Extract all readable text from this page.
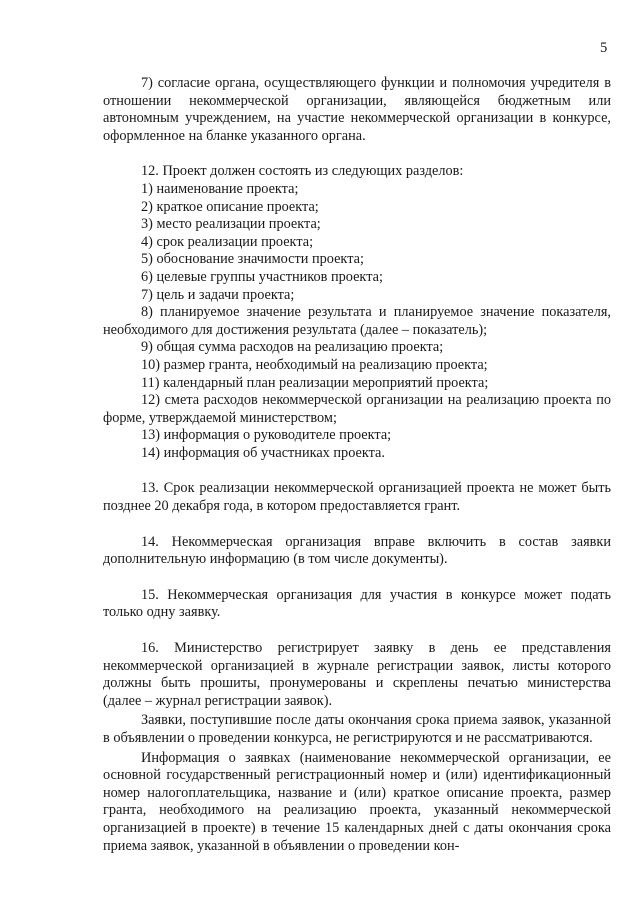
5

7) согласие органа, осуществляющего функции и полномочия учредителя в отношении некоммерческой организации, являющейся бюджетным или автономным учреждением, на участие некоммерческой организации в конкурсе, оформленное на бланке указанного органа.

12. Проект должен состоять из следующих разделов:

1) наименование проекта;

2) краткое описание проекта;

3) место реализации проекта;

4) срок реализации проекта;

5) обоснование значимости проекта;

6) целевые группы участников проекта;

7) цель и задачи проекта;

8) планируемое значение результата и планируемое значение показателя, необходимого для достижения результата (далее – показатель);

9) общая сумма расходов на реализацию проекта;

10) размер гранта, необходимый на реализацию проекта;

11) календарный план реализации мероприятий проекта;

12) смета расходов некоммерческой организации на реализацию проекта по форме, утверждаемой министерством;

13) информация о руководителе проекта;

14) информация об участниках проекта.

13. Срок реализации некоммерческой организацией проекта не может быть позднее 20 декабря года, в котором предоставляется грант.

14. Некоммерческая организация вправе включить в состав заявки дополнительную информацию (в том числе документы).

15. Некоммерческая организация для участия в конкурсе может подать только одну заявку.

16. Министерство регистрирует заявку в день ее представления некоммерческой организацией в журнале регистрации заявок, листы которого должны быть прошиты, пронумерованы и скреплены печатью министерства (далее – журнал регистрации заявок).

Заявки, поступившие после даты окончания срока приема заявок, указанной в объявлении о проведении конкурса, не регистрируются и не рассматриваются.

Информация о заявках (наименование некоммерческой организации, ее основной государственный регистрационный номер и (или) идентификационный номер налогоплательщика, название и (или) краткое описание проекта, размер гранта, необходимого на реализацию проекта, указанный некоммерческой организацией в проекте) в течение 15 календарных дней с даты окончания срока приема заявок, указанной в объявлении о проведении кон-
